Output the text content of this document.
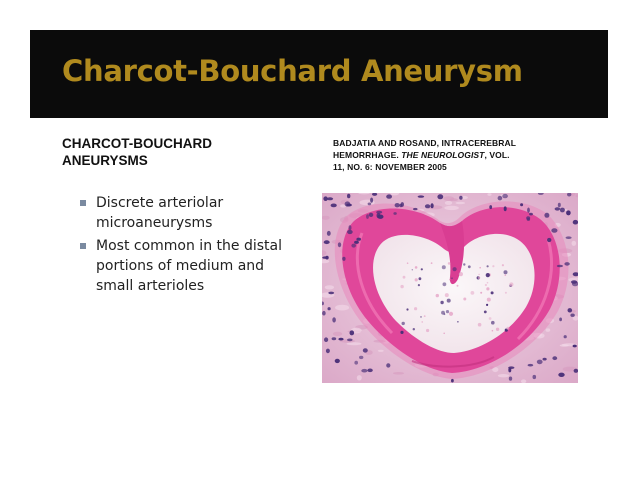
Charcot-Bouchard Aneurysm
CHARCOT-BOUCHARD
ANEURYSMS
Discrete arteriolar
microaneurysms
Most common in the distal
portions of medium and
small arterioles
BADJATIA AND ROSAND, INTRACEREBRAL
HEMORRHAGE. THE NEUROLOGIST, VOL.
11, NO. 6: NOVEMBER 2005
